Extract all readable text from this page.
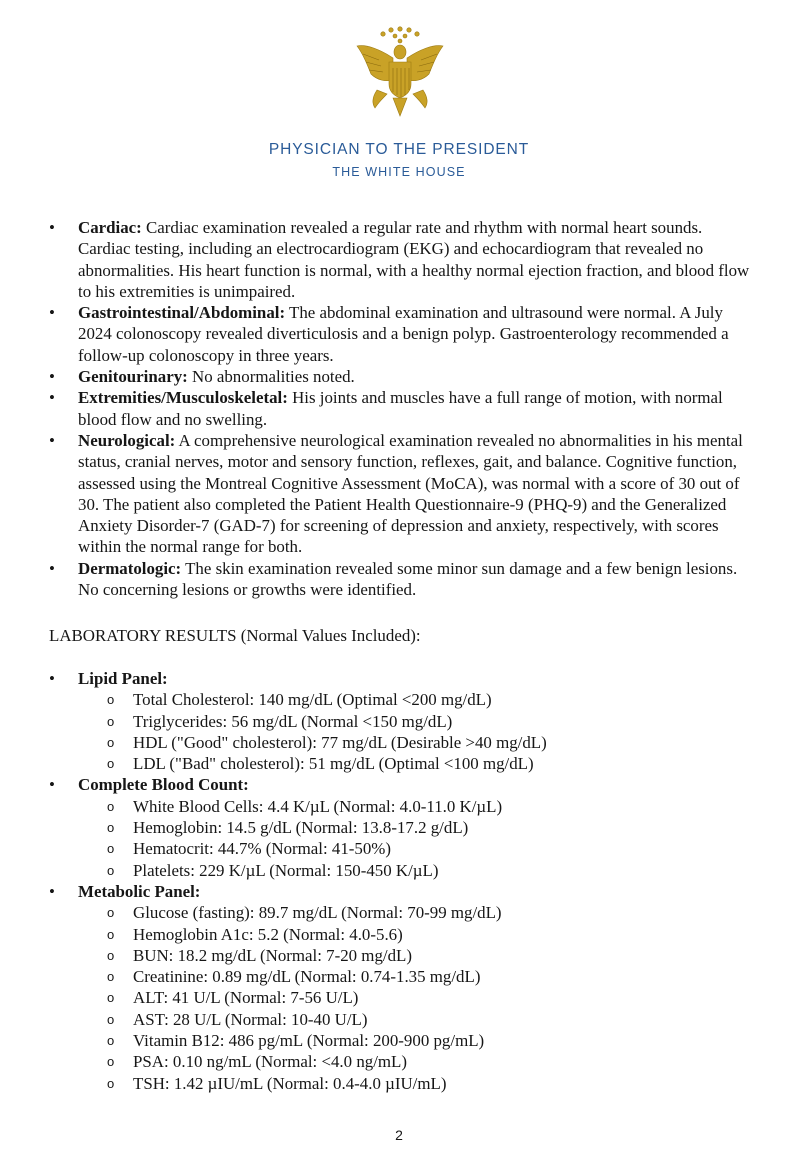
PHYSICIAN TO THE PRESIDENT
THE WHITE HOUSE
• Cardiac: Cardiac examination revealed a regular rate and rhythm with normal heart sounds. Cardiac testing, including an electrocardiogram (EKG) and echocardiogram that revealed no abnormalities. His heart function is normal, with a healthy normal ejection fraction, and blood flow to his extremities is unimpaired.
• Gastrointestinal/Abdominal: The abdominal examination and ultrasound were normal. A July 2024 colonoscopy revealed diverticulosis and a benign polyp. Gastroenterology recommended a follow-up colonoscopy in three years.
• Genitourinary: No abnormalities noted.
• Extremities/Musculoskeletal: His joints and muscles have a full range of motion, with normal blood flow and no swelling.
• Neurological: A comprehensive neurological examination revealed no abnormalities in his mental status, cranial nerves, motor and sensory function, reflexes, gait, and balance. Cognitive function, assessed using the Montreal Cognitive Assessment (MoCA), was normal with a score of 30 out of 30. The patient also completed the Patient Health Questionnaire-9 (PHQ-9) and the Generalized Anxiety Disorder-7 (GAD-7) for screening of depression and anxiety, respectively, with scores within the normal range for both.
• Dermatologic: The skin examination revealed some minor sun damage and a few benign lesions. No concerning lesions or growths were identified.
LABORATORY RESULTS (Normal Values Included):
• Lipid Panel:
o Total Cholesterol: 140 mg/dL (Optimal <200 mg/dL)
o Triglycerides: 56 mg/dL (Normal <150 mg/dL)
o HDL ("Good" cholesterol): 77 mg/dL (Desirable >40 mg/dL)
o LDL ("Bad" cholesterol): 51 mg/dL (Optimal <100 mg/dL)
• Complete Blood Count:
o White Blood Cells: 4.4 K/µL (Normal: 4.0-11.0 K/µL)
o Hemoglobin: 14.5 g/dL (Normal: 13.8-17.2 g/dL)
o Hematocrit: 44.7% (Normal: 41-50%)
o Platelets: 229 K/µL (Normal: 150-450 K/µL)
• Metabolic Panel:
o Glucose (fasting): 89.7 mg/dL (Normal: 70-99 mg/dL)
o Hemoglobin A1c: 5.2 (Normal: 4.0-5.6)
o BUN: 18.2 mg/dL (Normal: 7-20 mg/dL)
o Creatinine: 0.89 mg/dL (Normal: 0.74-1.35 mg/dL)
o ALT: 41 U/L (Normal: 7-56 U/L)
o AST: 28 U/L (Normal: 10-40 U/L)
o Vitamin B12: 486 pg/mL (Normal: 200-900 pg/mL)
o PSA: 0.10 ng/mL (Normal: <4.0 ng/mL)
o TSH: 1.42 µIU/mL (Normal: 0.4-4.0 µIU/mL)
2
